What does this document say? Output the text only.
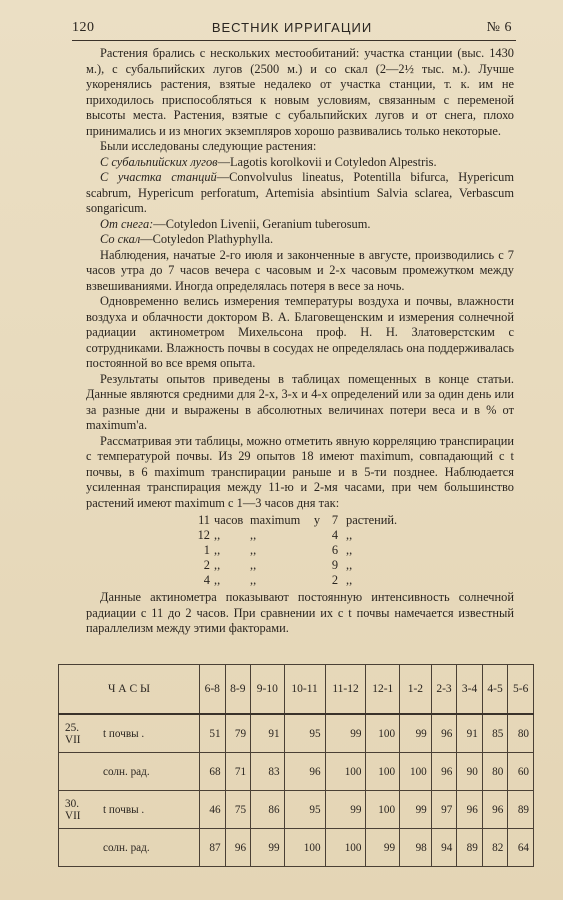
120	ВЕСТНИК ИРРИГАЦИИ	№ 6

Растения брались с нескольких местообитаний: участка станции (выс. 1430 м.), с субальпийских лугов (2500 м.) и со скал (2—2½ тыс. м.). Лучше укоренялись растения, взятые недалеко от участка станции, т. к. им не приходилось приспособляться к новым условиям, связанным с переменой высоты места. Растения, взятые с субальпийских лугов и от снега, плохо принимались и из многих экземпляров хорошо развивались только некоторые.

Были исследованы следующие растения:

С субальпийских лугов—Lagotis korolkovii и Cotyledon Alpestris.

С участка станций—Convolvulus lineatus, Potentilla bifurca, Hypericum scabrum, Hypericum perforatum, Artemisia absintium Salvia sclarea, Verbascum songaricum.

От снега:—Cotyledon Livenii, Geranium tuberosum.

Со скал—Cotyledon Plathyphylla.

Наблюдения, начатые 2-го июля и законченные в августе, производились с 7 часов утра до 7 часов вечера с часовым и 2-х часовым промежутком между взвешиваниями. Иногда определялась потеря в весе за ночь.

Одновременно велись измерения температуры воздуха и почвы, влажности воздуха и облачности доктором В. А. Благовещенским и измерения солнечной радиации актинометром Михельсона проф. Н. Н. Златоверстским с сотрудниками. Влажность почвы в сосудах не определялась она поддерживалась постоянной во все время опыта.

Результаты опытов приведены в таблицах помещенных в конце статьи. Данные являются средними для 2-х, 3-х и 4-х определений или за один день или за разные дни и выражены в абсолютных величинах потери веса и в % от maximum'a.

Рассматривая эти таблицы, можно отметить явную корреляцию транспирации с температурой почвы. Из 29 опытов 18 имеют maximum, совпадающий с t почвы, в 6 maximum транспирации раньше и в 5-ти позднее. Наблюдается усиленная транспирация между 11-ю и 2-мя часами, при чем большинство растений имеют maximum с 1—3 часов дня так:

11	часов	maximum	у	7	растений.
12	,,	,,		4	,,
1	,,	,,		6	,,
2	,,	,,		9	,,
4	,,	,,		2	,,

Данные актинометра показывают постоянную интенсивность солнечной радиации с 11 до 2 часов. При сравнении их с t почвы намечается известный параллелизм между этими факторами.

Ч А С Ы		6-8	8-9	9-10	10-11	11-12	12-1	1-2	2-3	3-4	4-5	5-6
25. VII	t почвы .	51	79	91	95	99	100	99	96	91	85	80
	солн. рад.	68	71	83	96	100	100	100	96	90	80	60
30. VII	t почвы .	46	75	86	95	99	100	99	97	96	96	89
	солн. рад.	87	96	99	100	100	99	98	94	89	82	64
